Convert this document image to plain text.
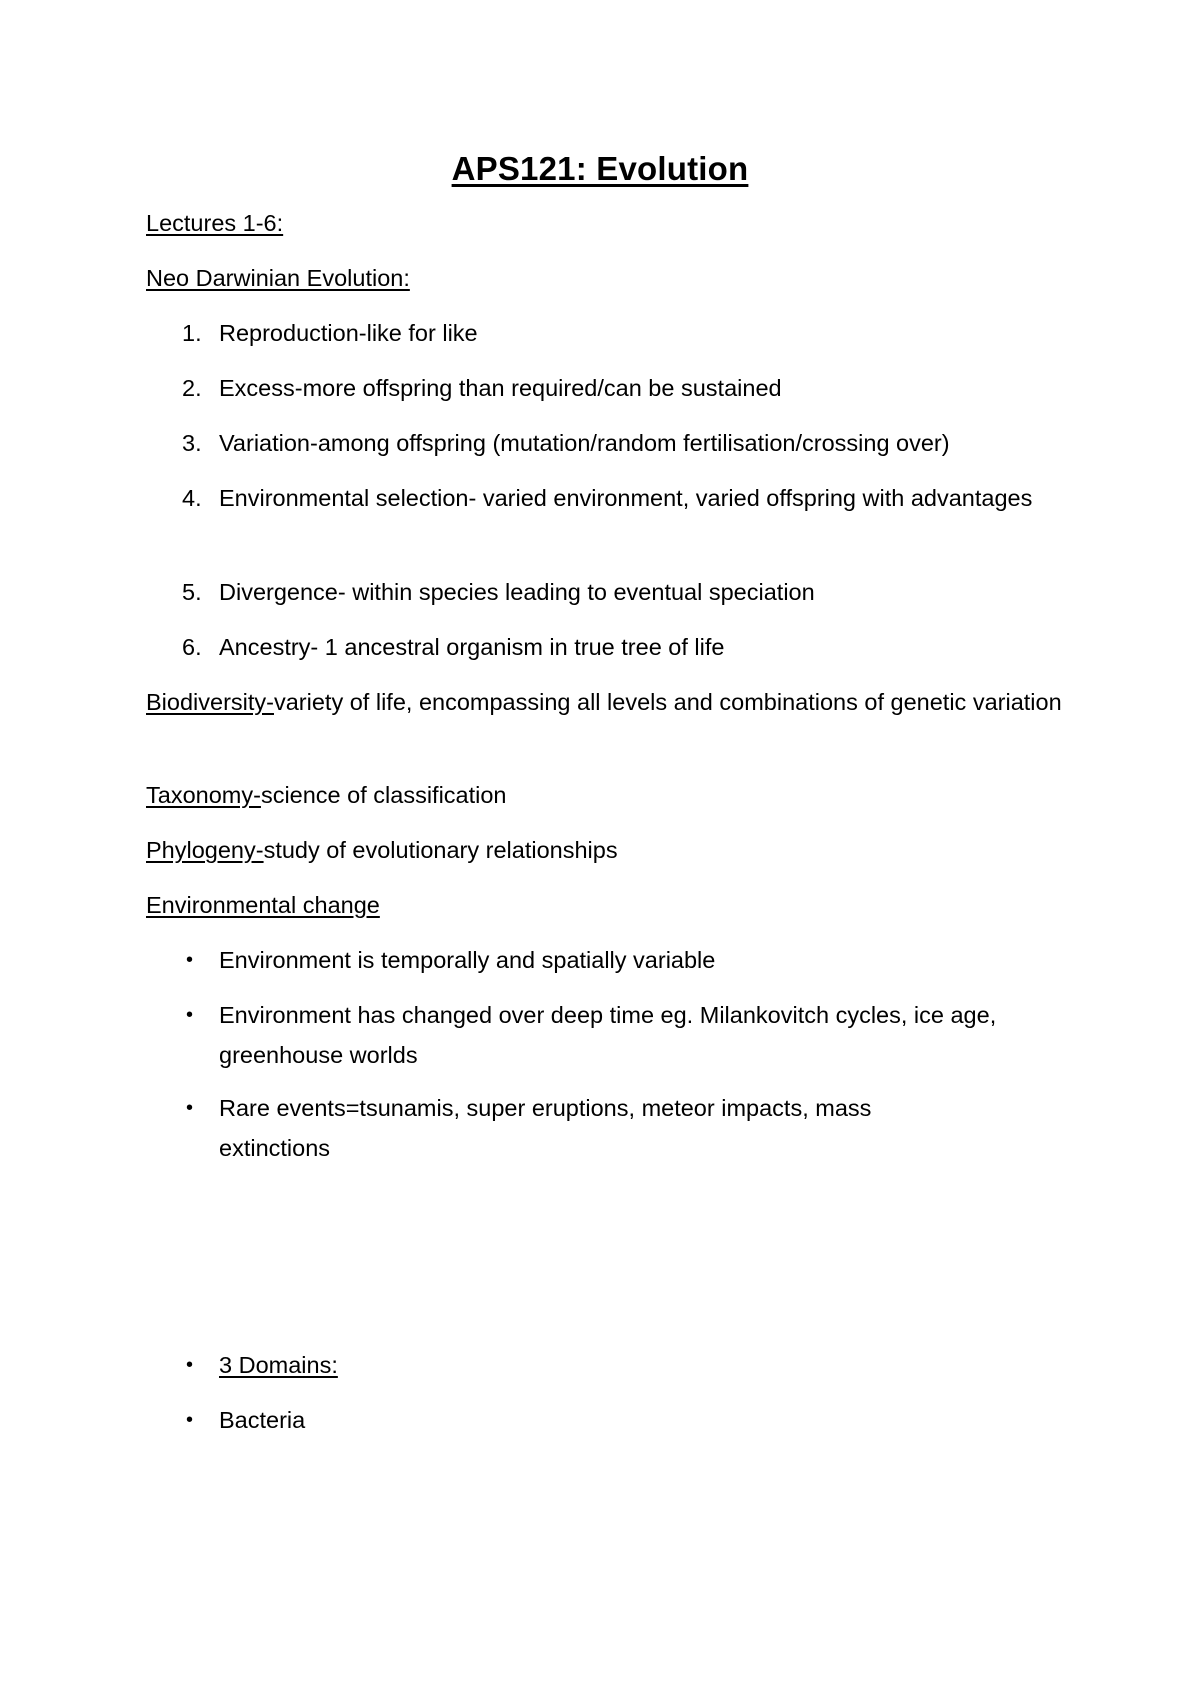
APS121: Evolution
Lectures 1-6:
Neo Darwinian Evolution:
1. Reproduction-like for like
2. Excess-more offspring than required/can be sustained
3. Variation-among offspring (mutation/random fertilisation/crossing over)
4. Environmental selection- varied environment, varied offspring with advantages
5. Divergence- within species leading to eventual speciation
6. Ancestry- 1 ancestral organism in true tree of life
Biodiversity-variety of life, encompassing all levels and combinations of genetic variation
Taxonomy-science of classification
Phylogeny-study of evolutionary relationships
Environmental change
• Environment is temporally and spatially variable
• Environment has changed over deep time eg. Milankovitch cycles, ice age, greenhouse worlds
• Rare events=tsunamis, super eruptions, meteor impacts, mass extinctions
• 3 Domains:
• Bacteria
